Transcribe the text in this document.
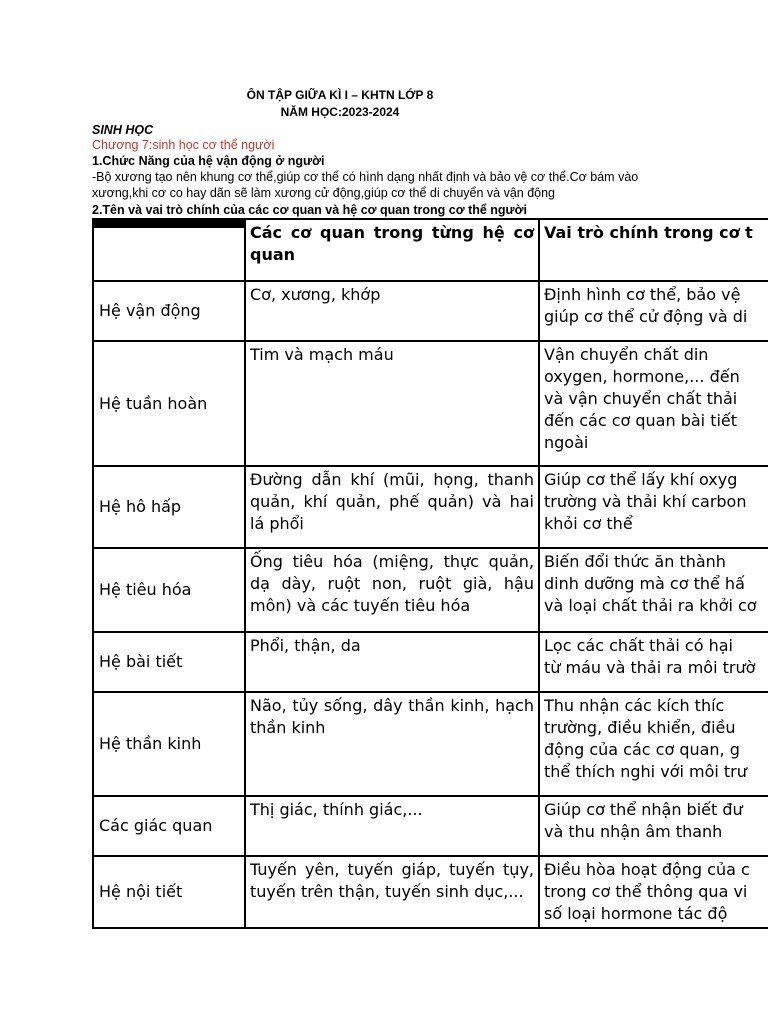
ÔN TẬP GIỮA KÌ I – KHTN LỚP 8
NĂM HỌC:2023-2024
SINH HỌC
Chương 7:sinh học cơ thể người
1.Chức Năng của hệ vận động ở người
-Bộ xương tạo nên khung cơ thể,giúp cơ thể có hình dạng nhất định và bảo vệ cơ thể.Cơ bám vào
xương,khi cơ co hay dãn sẽ làm xương cử động,giúp cơ thể di chuyển và vận động
2.Tên và vai trò chính của các cơ quan và hệ cơ quan trong cơ thể người
	Các cơ quan trong từng hệ cơ quan	Vai trò chính trong cơ t
Hệ vận động	Cơ, xương, khớp	Định hình cơ thể, bảo vệ
giúp cơ thể cử động và di

Hệ tuần hoàn	Tim và mạch máu	Vận chuyển chất din
oxygen, hormone,... đến
và vận chuyển chất thải
đến các cơ quan bài tiết
ngoài

Hệ hô hấp	Đường dẫn khí (mũi, họng, thanh quản, khí quản, phế quản) và hai lá phổi	Giúp cơ thể lấy khí oxyg
trường và thải khí carbon
khỏi cơ thể

Hệ tiêu hóa	Ống tiêu hóa (miệng, thực quản, dạ dày, ruột non, ruột già, hậu môn) và các tuyến tiêu hóa	Biến đổi thức ăn thành
dinh dưỡng mà cơ thể hấ
và loại chất thải ra khởi cơ

Hệ bài tiết	Phổi, thận, da	Lọc các chất thải có hại
từ máu và thải ra môi trườ

Hệ thần kinh	Não, tủy sống, dây thần kinh, hạch thần kinh	Thu nhận các kích thíc
trường, điều khiển, điều
động của các cơ quan, g
thể thích nghi với môi trư

Các giác quan	Thị giác, thính giác,...	Giúp cơ thể nhận biết đư
và thu nhận âm thanh

Hệ nội tiết	Tuyến yên, tuyến giáp, tuyến tụy, tuyến trên thận, tuyến sinh dục,...	Điều hòa hoạt động của c
trong cơ thể thông qua vi
số loại hormone tác độ
